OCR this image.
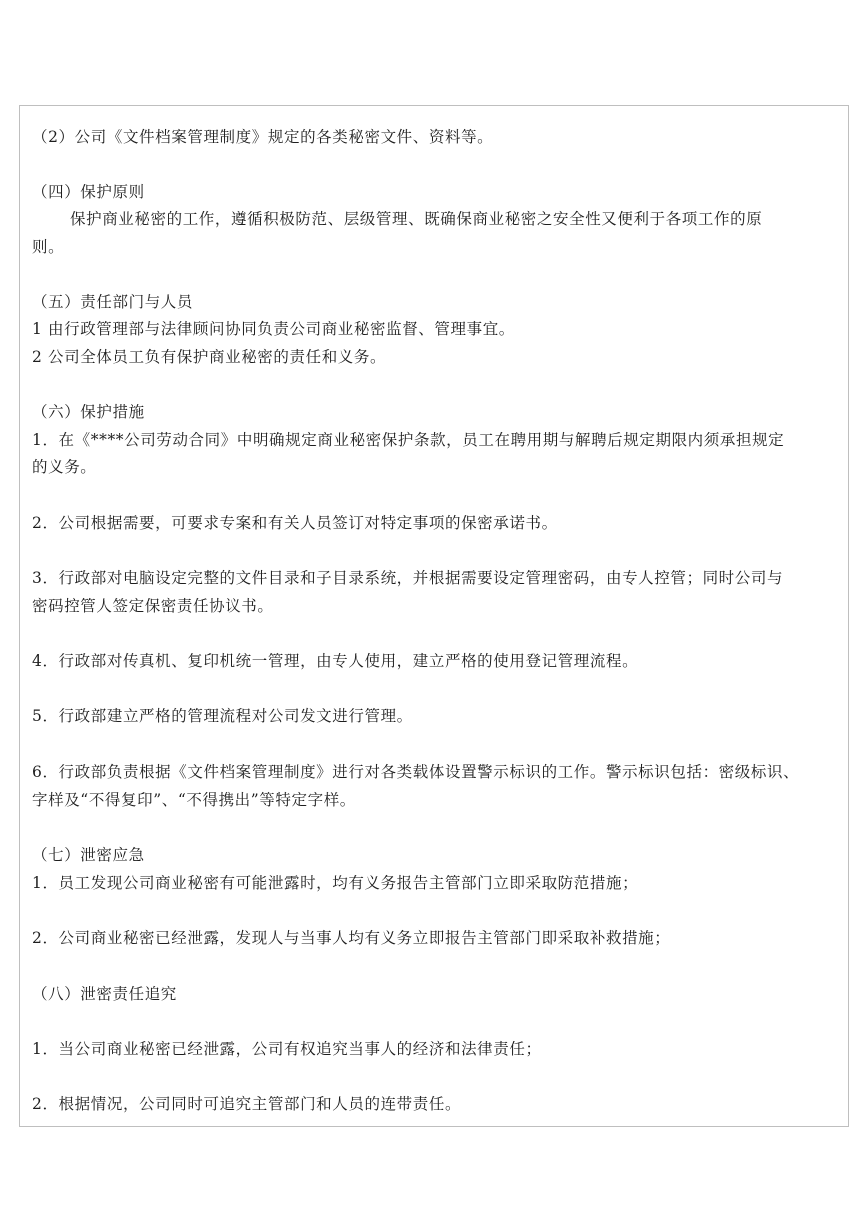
（2）公司《文件档案管理制度》规定的各类秘密文件、资料等。
（四）保护原则
保护商业秘密的工作，遵循积极防范、层级管理、既确保商业秘密之安全性又便利于各项工作的原
则。
（五）责任部门与人员
1 由行政管理部与法律顾问协同负责公司商业秘密监督、管理事宜。
2 公司全体员工负有保护商业秘密的责任和义务。
（六）保护措施
1．在《****公司劳动合同》中明确规定商业秘密保护条款，员工在聘用期与解聘后规定期限内须承担规定
的义务。
2．公司根据需要，可要求专案和有关人员签订对特定事项的保密承诺书。
3．行政部对电脑设定完整的文件目录和子目录系统，并根据需要设定管理密码，由专人控管；同时公司与
密码控管人签定保密责任协议书。
4．行政部对传真机、复印机统一管理，由专人使用，建立严格的使用登记管理流程。
5．行政部建立严格的管理流程对公司发文进行管理。
6．行政部负责根据《文件档案管理制度》进行对各类载体设置警示标识的工作。警示标识包括：密级标识、
字样及“不得复印”、“不得携出”等特定字样。
（七）泄密应急
1．员工发现公司商业秘密有可能泄露时，均有义务报告主管部门立即采取防范措施；
2．公司商业秘密已经泄露，发现人与当事人均有义务立即报告主管部门即采取补救措施；
（八）泄密责任追究
1．当公司商业秘密已经泄露，公司有权追究当事人的经济和法律责任；
2．根据情况，公司同时可追究主管部门和人员的连带责任。
